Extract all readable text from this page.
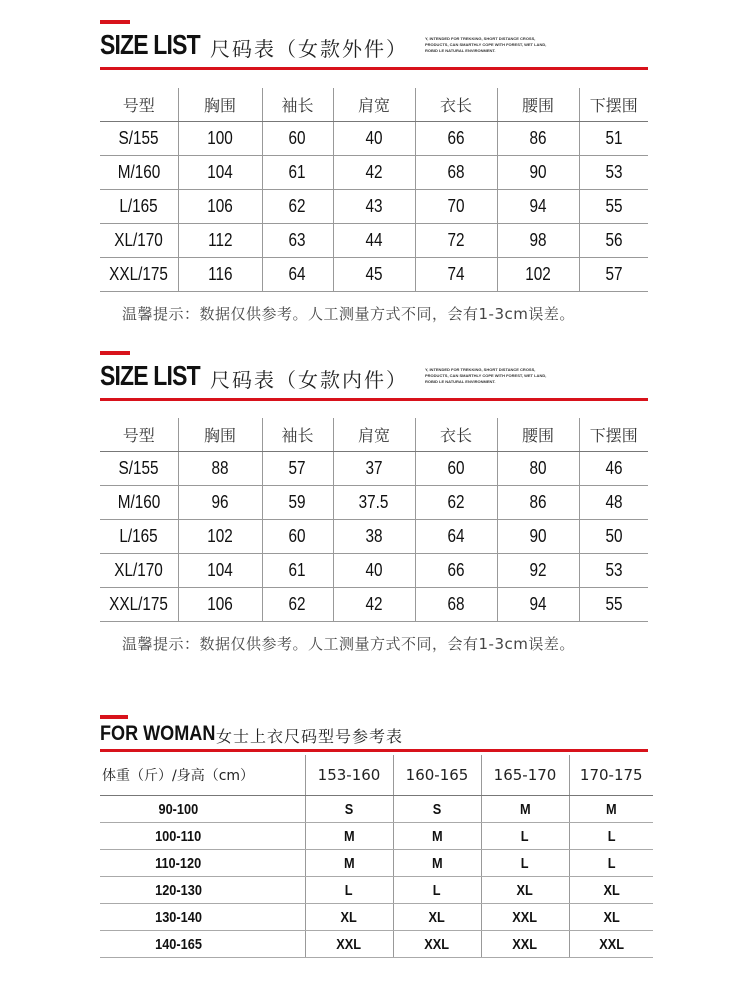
SIZE LIST 尺码表（女款外件）	Y, INTENDED FOR TREKKING, SHORT DISTANCE CROSS, PRODUCTS, CAN SMARTHLY COPE WITH FOREST, WET LAND, ROBID LE NATURAL ENVIRONMENT.
号型	胸围	袖长	肩宽	衣长	腰围	下摆围
S/155	100	60	40	66	86	51
M/160	104	61	42	68	90	53
L/165	106	62	43	70	94	55
XL/170	112	63	44	72	98	56
XXL/175	116	64	45	74	102	57
温馨提示：数据仅供参考。人工测量方式不同，会有1-3cm误差。
SIZE LIST 尺码表（女款内件）	Y, INTENDED FOR TREKKING, SHORT DISTANCE CROSS, PRODUCTS, CAN SMARTHLY COPE WITH FOREST, WET LAND, ROBID LE NATURAL ENVIRONMENT.
号型	胸围	袖长	肩宽	衣长	腰围	下摆围
S/155	88	57	37	60	80	46
M/160	96	59	37.5	62	86	48
L/165	102	60	38	64	90	50
XL/170	104	61	40	66	92	53
XXL/175	106	62	42	68	94	55
温馨提示：数据仅供参考。人工测量方式不同，会有1-3cm误差。
FOR WOMAN 女士上衣尺码型号参考表
体重（斤）/身高（cm）	153-160	160-165	165-170	170-175
90-100	S	S	M	M
100-110	M	M	L	L
110-120	M	M	L	L
120-130	L	L	XL	XL
130-140	XL	XL	XXL	XL
140-165	XXL	XXL	XXL	XXL
